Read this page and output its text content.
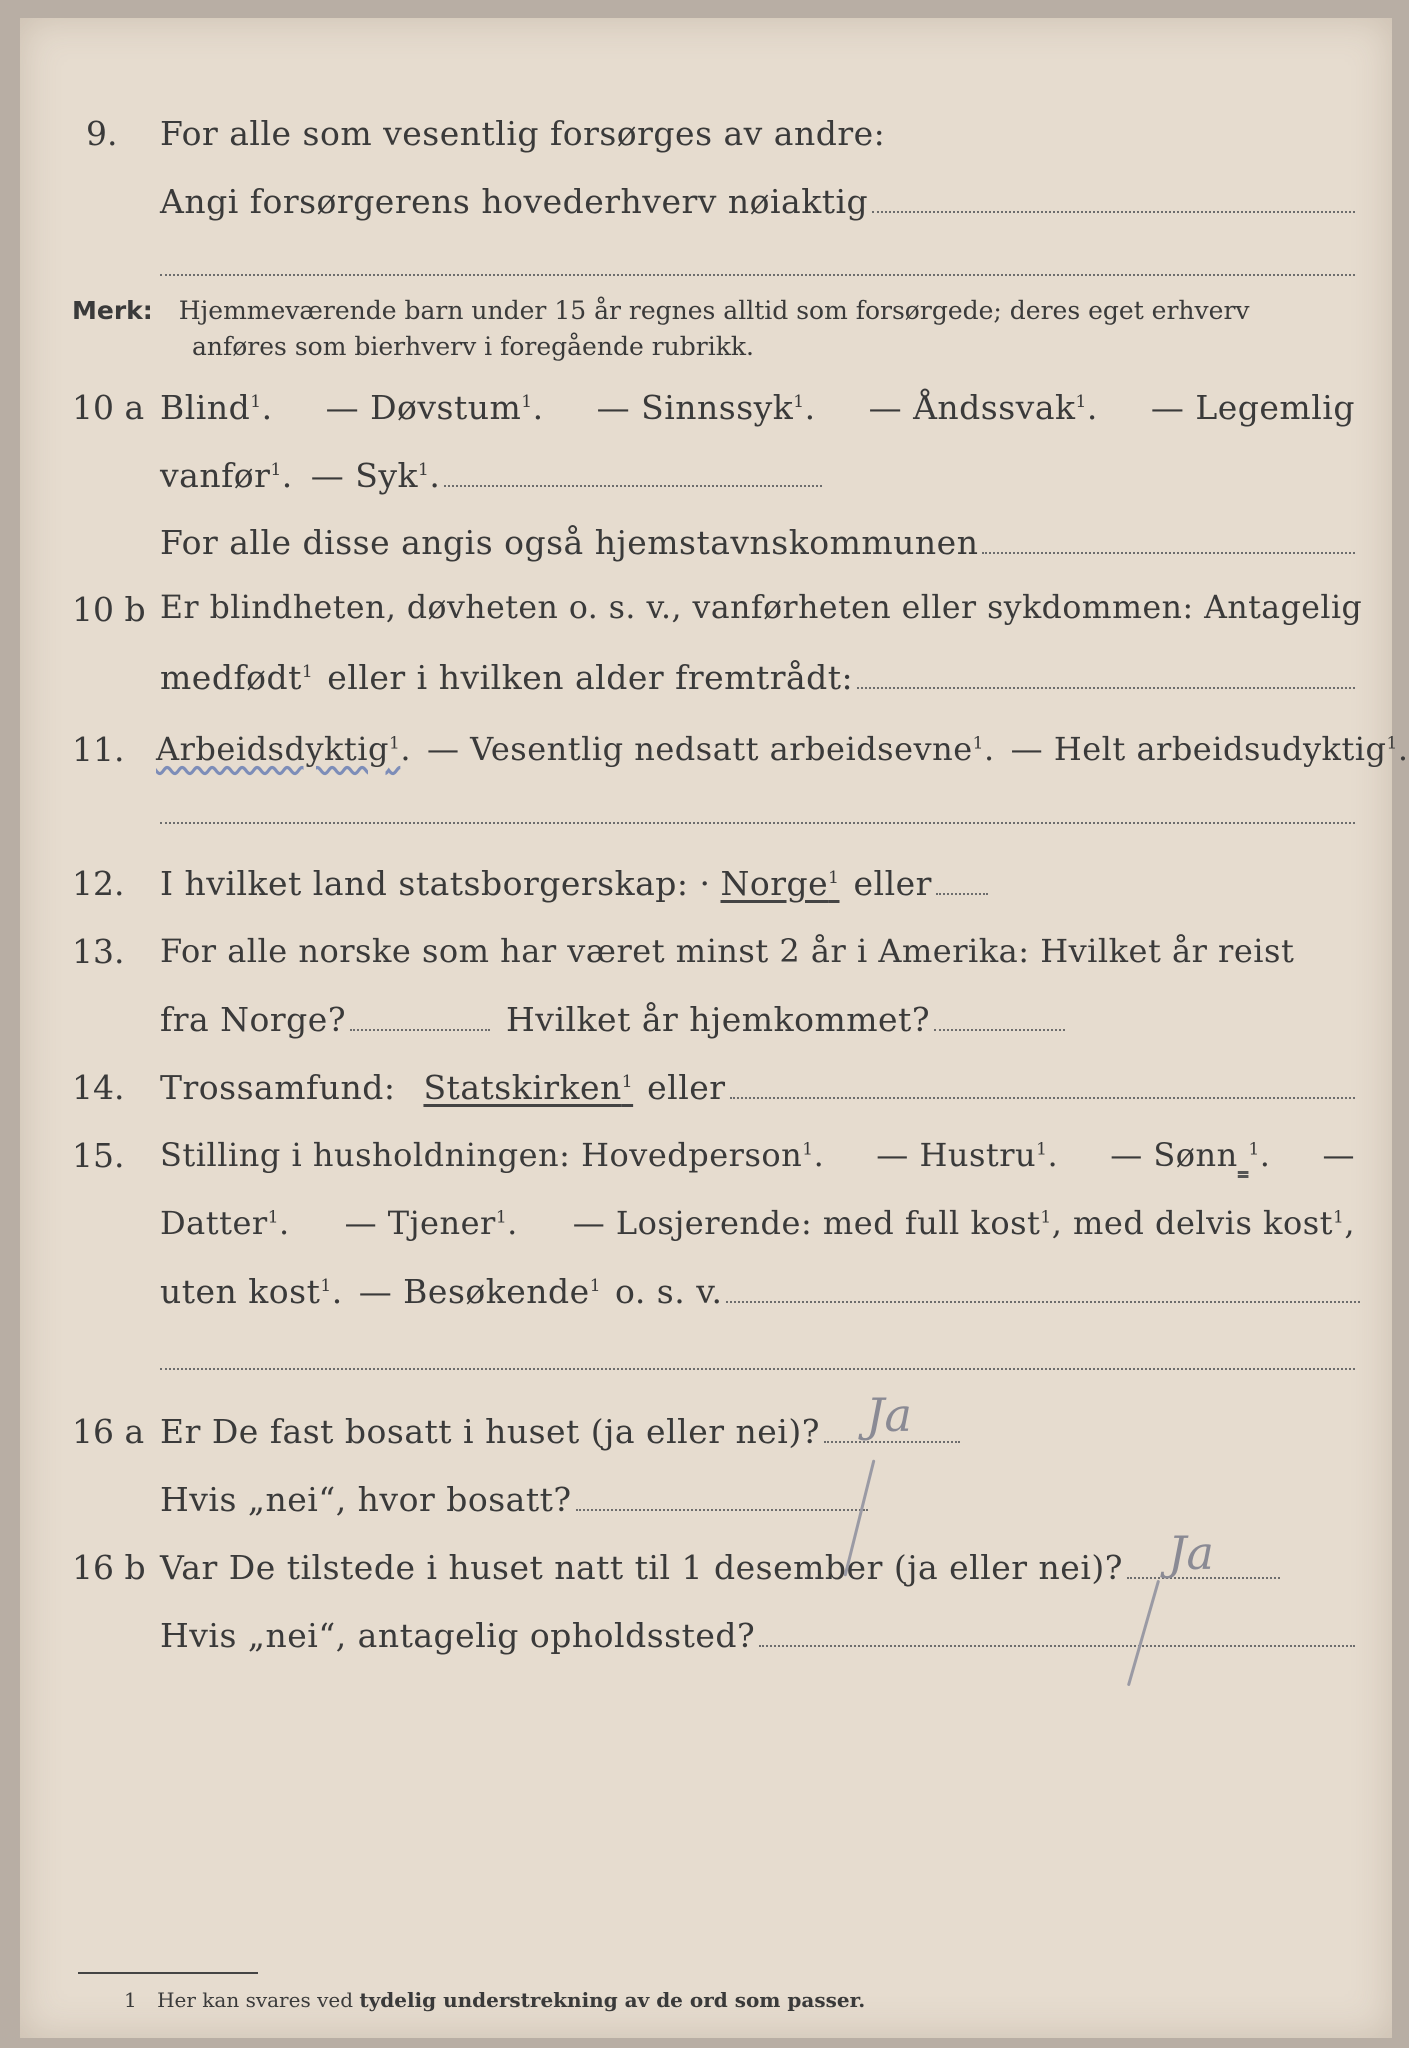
9. For alle som vesentlig forsørges av andre:
Angi forsørgerens hovederhverv nøiaktig
Merk: Hjemmeværende barn under 15 år regnes alltid som forsørgede; deres eget erhverv
anføres som bierhverv i foregående rubrikk.
10 a Blind$^1$. — Døvstum$^1$. — Sinnssyk$^1$. — Åndssvak$^1$. — Legemlig
vanfør$^1$. — Syk$^1$.
For alle disse angis også hjemstavnskommunen
10 b Er blindheten, døvheten o. s. v., vanførheten eller sykdommen: Antagelig
medfødt$^1$ eller i hvilken alder fremtrådt:
11. Arbeidsdyktig$^1$ . — Vesentlig nedsatt arbeidsevne$^1$. — Helt arbeidsudyktig$^1$.
12. I hvilket land statsborgerskap: · Norge$^1$ eller
13. For alle norske som har været minst 2 år i Amerika: Hvilket år reist
fra Norge?	Hvilket år hjemkommet?
14. Trossamfund: Statskirken$^1$ eller
15. Stilling i husholdningen: Hovedperson$^1$. — Hustru$^1$. — Sønn $^1$. —
Datter$^1$. — Tjener$^1$. — Losjerende: med full kost$^1$, med delvis kost$^1$,
uten kost$^1$. — Besøkende$^1$ o. s. v.
16 a Er De fast bosatt i huset (ja eller nei)? Ja
Hvis „nei“, hvor bosatt?
16 b Var De tilstede i huset natt til 1 desember (ja eller nei)? Ja
Hvis „nei“, antagelig opholdssted?
1 Her kan svares ved tydelig understrekning av de ord som passer.
